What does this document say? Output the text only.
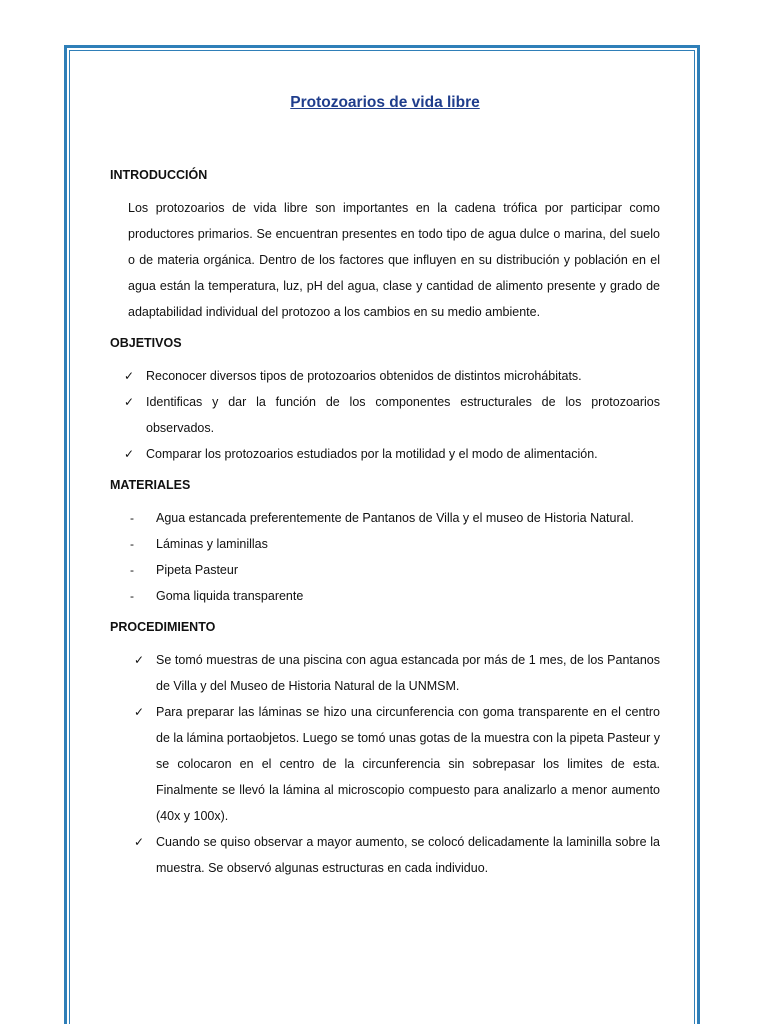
Protozoarios de vida libre
INTRODUCCIÓN

Los protozoarios de vida libre son importantes en la cadena trófica por participar como productores primarios. Se encuentran presentes en todo tipo de agua dulce o marina, del suelo o de materia orgánica. Dentro de los factores que influyen en su distribución y población en el agua están la temperatura, luz, pH del agua, clase y cantidad de alimento presente y grado de adaptabilidad individual del protozoo a los cambios en su medio ambiente.

OBJETIVOS
✓ Reconocer diversos tipos de protozoarios obtenidos de distintos microhábitats.
✓ Identificas y dar la función de los componentes estructurales de los protozoarios observados.
✓ Comparar los protozoarios estudiados por la motilidad y el modo de alimentación.
MATERIALES
- Agua estancada preferentemente de Pantanos de Villa y el museo de Historia Natural.
- Láminas y laminillas
- Pipeta Pasteur
- Goma liquida transparente
PROCEDIMIENTO
✓ Se tomó muestras de una piscina con agua estancada por más de 1 mes, de los Pantanos de Villa y del Museo de Historia Natural de la UNMSM.
✓ Para preparar las láminas se hizo una circunferencia con goma transparente en el centro de la lámina portaobjetos. Luego se tomó unas gotas de la muestra con la pipeta Pasteur y se colocaron en el centro de la circunferencia sin sobrepasar los limites de esta. Finalmente se llevó la lámina al microscopio compuesto para analizarlo a menor aumento (40x y 100x).
✓ Cuando se quiso observar a mayor aumento, se colocó delicadamente la laminilla sobre la muestra. Se observó algunas estructuras en cada individuo.
